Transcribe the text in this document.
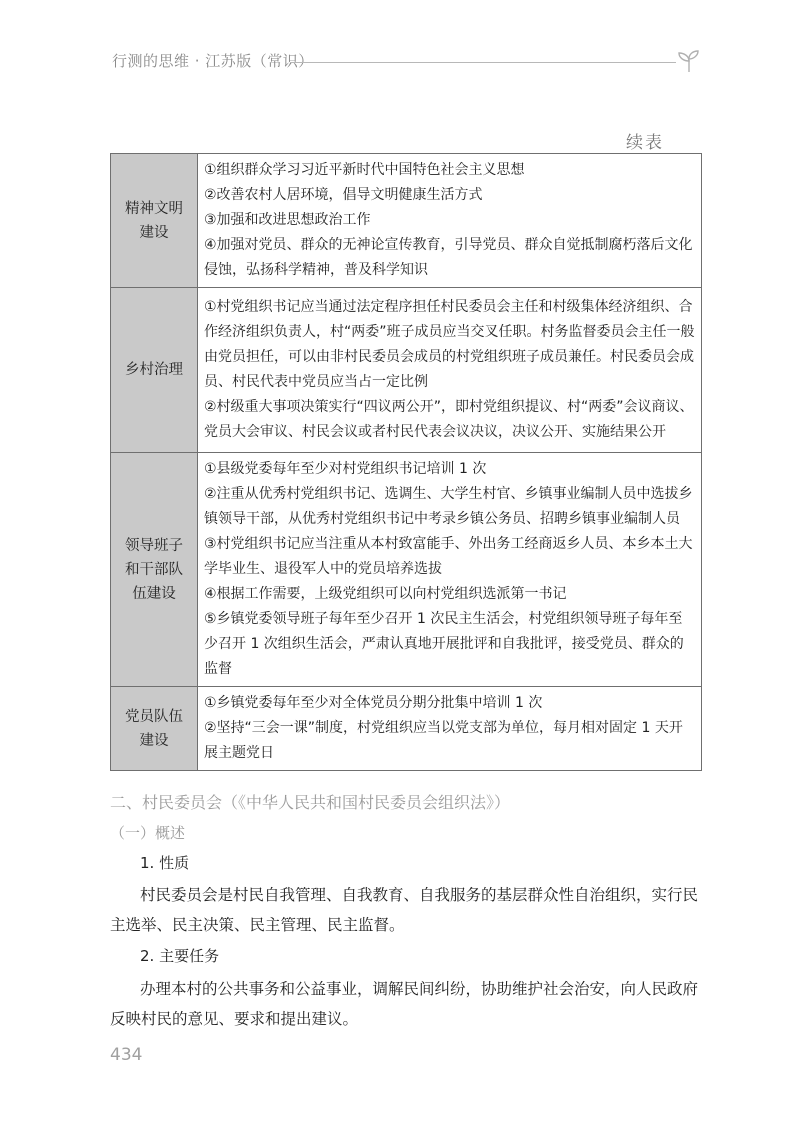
行测的思维 · 江苏版（常识）
续表
精神文明建设	①组织群众学习习近平新时代中国特色社会主义思想
②改善农村人居环境，倡导文明健康生活方式
③加强和改进思想政治工作
④加强对党员、群众的无神论宣传教育，引导党员、群众自觉抵制腐朽落后文化侵蚀，弘扬科学精神，普及科学知识

乡村治理	①村党组织书记应当通过法定程序担任村民委员会主任和村级集体经济组织、合作经济组织负责人，村“两委”班子成员应当交叉任职。村务监督委员会主任一般由党员担任，可以由非村民委员会成员的村党组织班子成员兼任。村民委员会成员、村民代表中党员应当占一定比例
②村级重大事项决策实行“四议两公开”，即村党组织提议、村“两委”会议商议、党员大会审议、村民会议或者村民代表会议决议，决议公开、实施结果公开

领导班子和干部队伍建设	①县级党委每年至少对村党组织书记培训 1 次
②注重从优秀村党组织书记、选调生、大学生村官、乡镇事业编制人员中选拔乡镇领导干部，从优秀村党组织书记中考录乡镇公务员、招聘乡镇事业编制人员
③村党组织书记应当注重从本村致富能手、外出务工经商返乡人员、本乡本土大学毕业生、退役军人中的党员培养选拔
④根据工作需要，上级党组织可以向村党组织选派第一书记
⑤乡镇党委领导班子每年至少召开 1 次民主生活会，村党组织领导班子每年至少召开 1 次组织生活会，严肃认真地开展批评和自我批评，接受党员、群众的监督

党员队伍建设	①乡镇党委每年至少对全体党员分期分批集中培训 1 次
②坚持“三会一课”制度，村党组织应当以党支部为单位，每月相对固定 1 天开展主题党日
二、村民委员会（《中华人民共和国村民委员会组织法》）
（一）概述
1. 性质
村民委员会是村民自我管理、自我教育、自我服务的基层群众性自治组织，实行民主选举、民主决策、民主管理、民主监督。
2. 主要任务
办理本村的公共事务和公益事业，调解民间纠纷，协助维护社会治安，向人民政府反映村民的意见、要求和提出建议。
434
